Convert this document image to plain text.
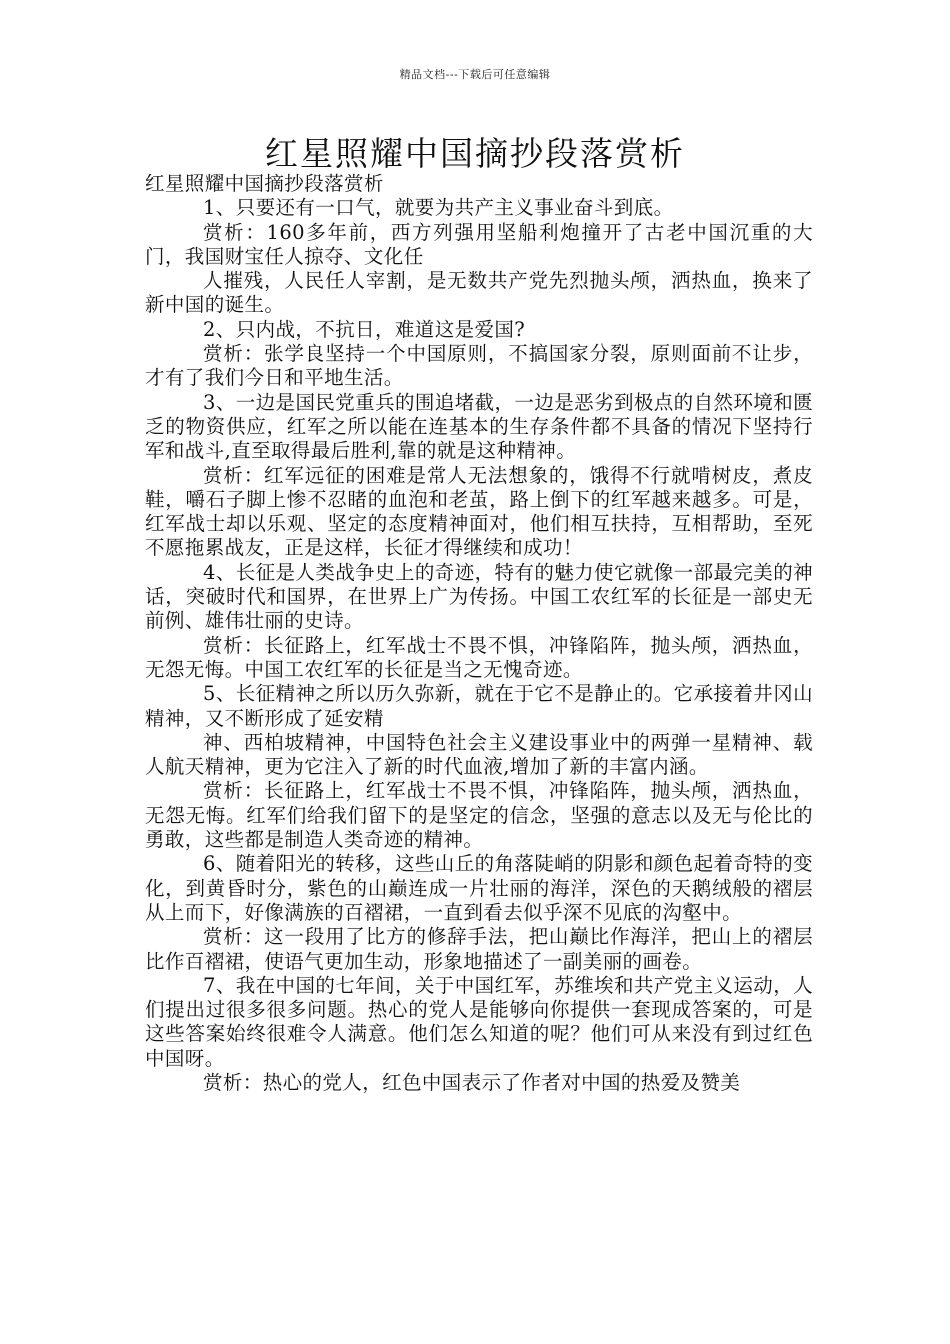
精品文档---下载后可任意编辑
红星照耀中国摘抄段落赏析

红星照耀中国摘抄段落赏析

1、只要还有一口气，就要为共产主义事业奋斗到底。

赏析：160多年前，西方列强用坚船利炮撞开了古老中国沉重的大门，我国财宝任人掠夺、文化任

人摧残，人民任人宰割，是无数共产党先烈抛头颅，洒热血，换来了新中国的诞生。

2、只内战，不抗日，难道这是爱国?

赏析：张学良坚持一个中国原则，不搞国家分裂，原则面前不让步，才有了我们今日和平地生活。

3、一边是国民党重兵的围追堵截，一边是恶劣到极点的自然环境和匮乏的物资供应，红军之所以能在连基本的生存条件都不具备的情况下坚持行军和战斗,直至取得最后胜利,靠的就是这种精神。

赏析：红军远征的困难是常人无法想象的，饿得不行就啃树皮，煮皮鞋，嚼石子脚上惨不忍睹的血泡和老茧，路上倒下的红军越来越多。可是，红军战士却以乐观、坚定的态度精神面对，他们相互扶持，互相帮助，至死不愿拖累战友，正是这样，长征才得继续和成功！

4、长征是人类战争史上的奇迹，特有的魅力使它就像一部最完美的神话，突破时代和国界，在世界上广为传扬。中国工农红军的长征是一部史无前例、雄伟壮丽的史诗。

赏析：长征路上，红军战士不畏不惧，冲锋陷阵，抛头颅，洒热血，无怨无悔。中国工农红军的长征是当之无愧奇迹。

5、长征精神之所以历久弥新，就在于它不是静止的。它承接着井冈山精神，又不断形成了延安精

神、西柏坡精神，中国特色社会主义建设事业中的两弹一星精神、载人航天精神，更为它注入了新的时代血液,增加了新的丰富内涵。

赏析：长征路上，红军战士不畏不惧，冲锋陷阵，抛头颅，洒热血，无怨无悔。红军们给我们留下的是坚定的信念，坚强的意志以及无与伦比的勇敢，这些都是制造人类奇迹的精神。

6、随着阳光的转移，这些山丘的角落陡峭的阴影和颜色起着奇特的变化，到黄昏时分，紫色的山巅连成一片壮丽的海洋，深色的天鹅绒般的褶层从上而下，好像满族的百褶裙，一直到看去似乎深不见底的沟壑中。

赏析：这一段用了比方的修辞手法，把山巅比作海洋，把山上的褶层比作百褶裙，使语气更加生动，形象地描述了一副美丽的画卷。

7、我在中国的七年间，关于中国红军，苏维埃和共产党主义运动，人们提出过很多很多问题。热心的党人是能够向你提供一套现成答案的，可是这些答案始终很难令人满意。他们怎么知道的呢？他们可从来没有到过红色中国呀。

赏析：热心的党人，红色中国表示了作者对中国的热爱及赞美
